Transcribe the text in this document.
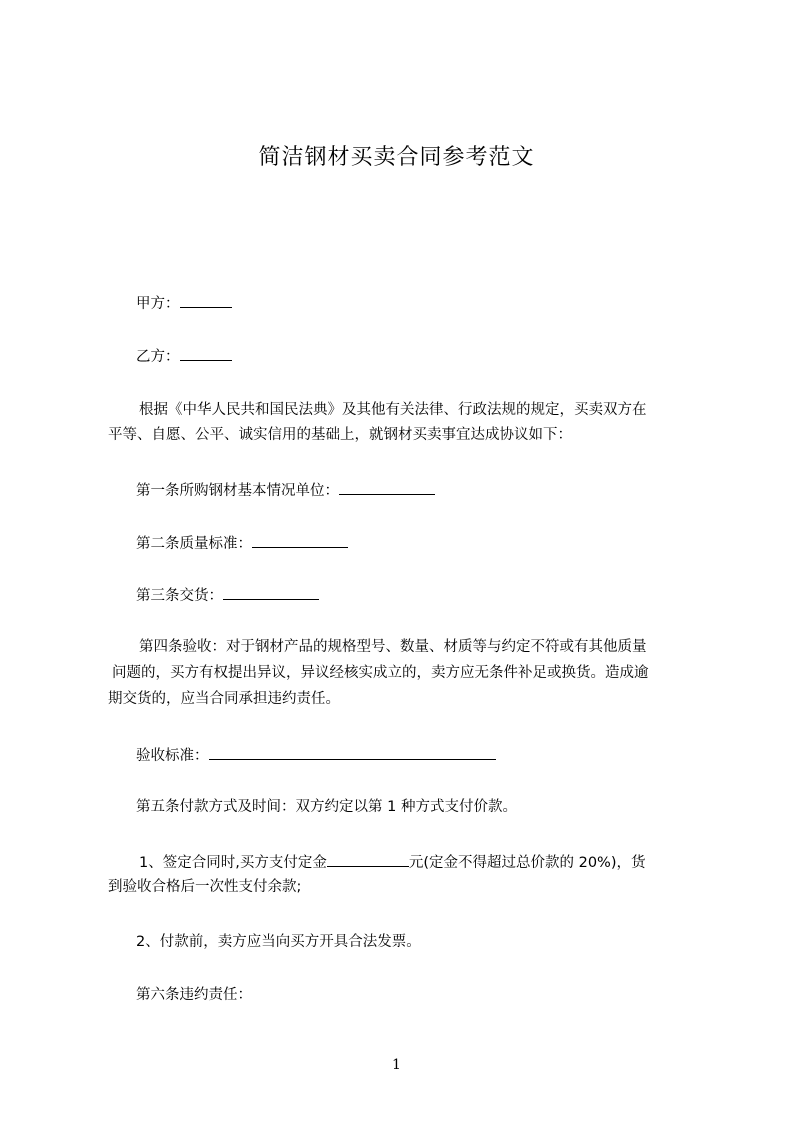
简洁钢材买卖合同参考范文

甲方：

乙方：

根据《中华人民共和国民法典》及其他有关法律、行政法规的规定，买卖双方在

平等、自愿、公平、诚实信用的基础上，就钢材买卖事宜达成协议如下：

第一条所购钢材基本情况单位：

第二条质量标准：

第三条交货：

第四条验收：对于钢材产品的规格型号、数量、材质等与约定不符或有其他质量

问题的，买方有权提出异议，异议经核实成立的，卖方应无条件补足或换货。造成逾

期交货的，应当合同承担违约责任。

验收标准：

第五条付款方式及时间：双方约定以第 1 种方式支付价款。

1、签定合同时,买方支付定金	元(定金不得超过总价款的 20%)，货

到验收合格后一次性支付余款;

2、付款前，卖方应当向买方开具合法发票。

第六条违约责任：

1
